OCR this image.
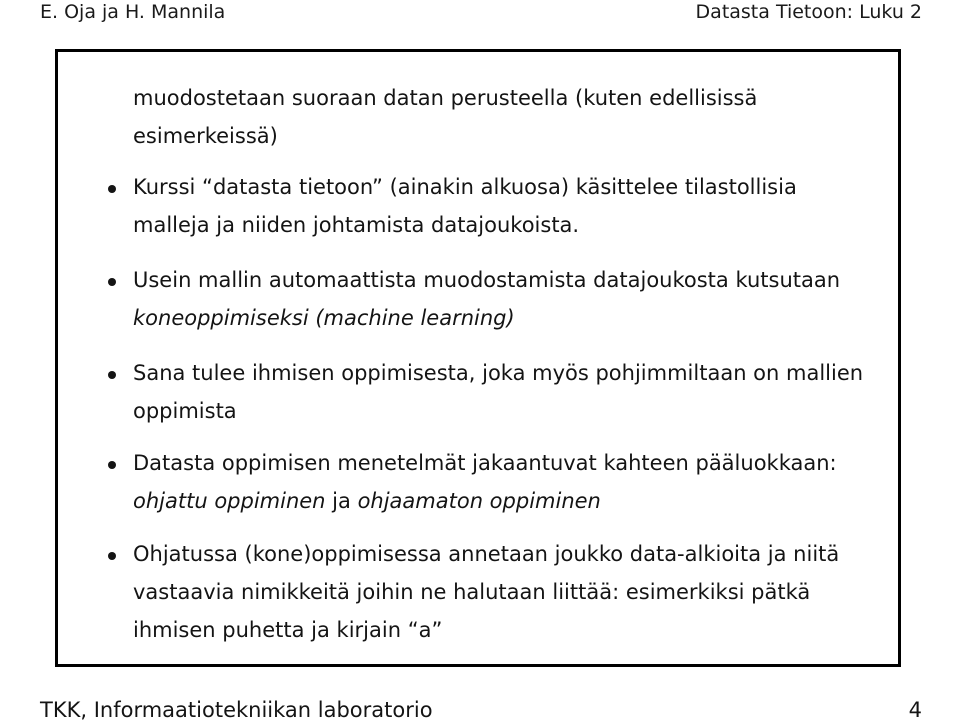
E. Oja ja H. Mannila	Datasta Tietoon: Luku 2
muodostetaan suoraan datan perusteella (kuten edellisissä
esimerkeissä)
Kurssi “datasta tietoon” (ainakin alkuosa) käsittelee tilastollisia
malleja ja niiden johtamista datajoukoista.
Usein mallin automaattista muodostamista datajoukosta kutsutaan
koneoppimiseksi (machine learning)
Sana tulee ihmisen oppimisesta, joka myös pohjimmiltaan on mallien
oppimista
Datasta oppimisen menetelmät jakaantuvat kahteen pääluokkaan:
ohjattu oppiminen ja ohjaamaton oppiminen
Ohjatussa (kone)oppimisessa annetaan joukko data-alkioita ja niitä
vastaavia nimikkeitä joihin ne halutaan liittää: esimerkiksi pätkä
ihmisen puhetta ja kirjain “a”
TKK, Informaatiotekniikan laboratorio	4
